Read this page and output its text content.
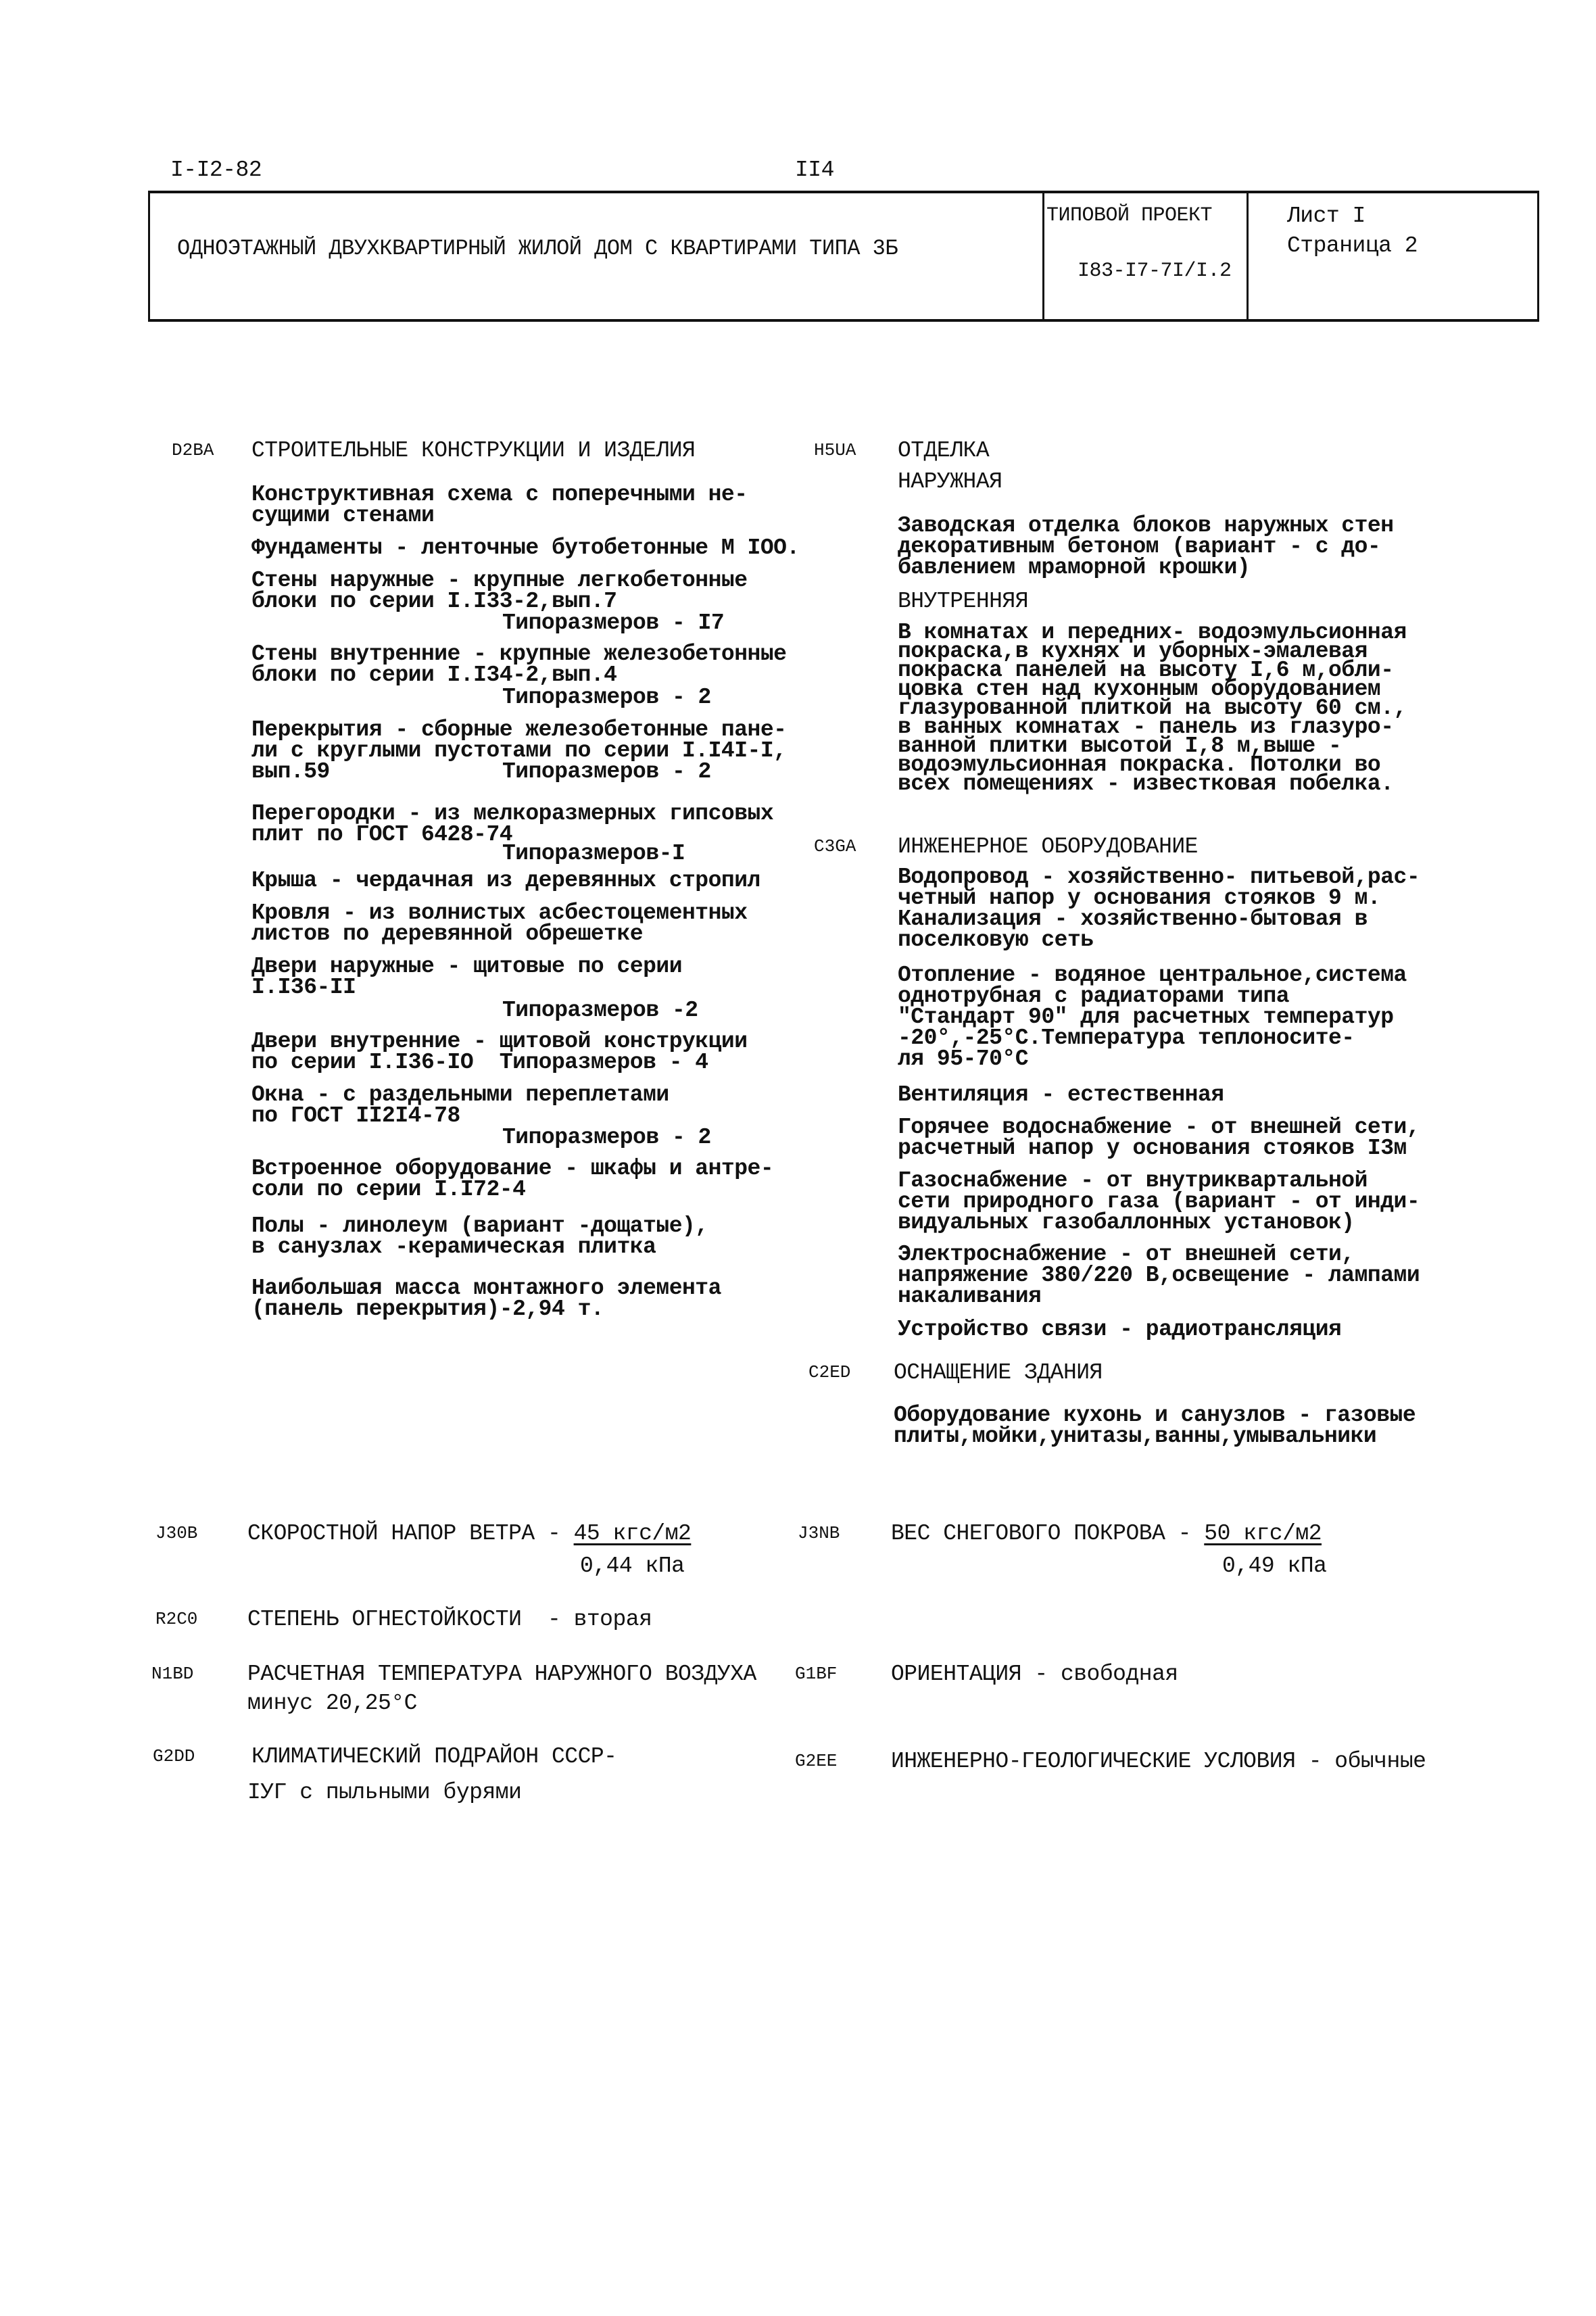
I-I2-82	II4
ОДНОЭТАЖНЫЙ ДВУХКВАРТИРНЫЙ ЖИЛОЙ ДОМ С КВАРТИРАМИ ТИПА 3Б
ТИПОВОЙ ПРОЕКТ
I83-I7-7I/I.2
Лист I
Страница 2
D2BA СТРОИТЕЛЬНЫЕ КОНСТРУКЦИИ И ИЗДЕЛИЯ
Конструктивная схема с поперечными не-
сущими стенами
Фундаменты - ленточные бутобетонные М IOO.
Стены наружные - крупные легкобетонные
блоки по серии I.I33-2,вып.7
Типоразмеров - I7
Стены внутренние - крупные железобетонные
блоки по серии I.I34-2,вып.4
Типоразмеров - 2
Перекрытия - сборные железобетонные пане-
ли с круглыми пустотами по серии I.I4I-I,
вып.59	Типоразмеров - 2
Перегородки - из мелкоразмерных гипсовых
плит по ГОСТ 6428-74
Типоразмеров-I
Крыша - чердачная из деревянных стропил
Кровля - из волнистых асбестоцементных
листов по деревянной обрешетке
Двери наружные - щитовые по серии
I.I36-II
Типоразмеров -2
Двери внутренние - щитовой конструкции
по серии I.I36-IO  Типоразмеров - 4
Окна - с раздельными переплетами
по ГОСТ II2I4-78
Типоразмеров - 2
Встроенное оборудование - шкафы и антре-
соли по серии I.I72-4
Полы - линолеум (вариант -дощатые),
в санузлах -керамическая плитка
Наибольшая масса монтажного элемента
(панель перекрытия)-2,94 т.
H5UA ОТДЕЛКА
НАРУЖНАЯ
Заводская отделка блоков наружных стен
декоративным бетоном (вариант - с до-
бавлением мраморной крошки)
ВНУТРЕННЯЯ
В комнатах и передних- водоэмульсионная
покраска,в кухнях и уборных-эмалевая
покраска панелей на высоту I,6 м,обли-
цовка стен над кухонным оборудованием
глазурованной плиткой на высоту 60 см.,
в ванных комнатах - панель из глазуро-
ванной плитки высотой I,8 м,выше -
водоэмульсионная покраска. Потолки во
всех помещениях - известковая побелка.
C3GA ИНЖЕНЕРНОЕ ОБОРУДОВАНИЕ
Водопровод - хозяйственно- питьевой,рас-
четный напор у основания стояков 9 м.
Канализация - хозяйственно-бытовая в
поселковую сеть
Отопление - водяное центральное,система
однотрубная с радиаторами типа
"Стандарт 90" для расчетных температур
-20°,-25°С.Температура теплоносите-
ля 95-70°С
Вентиляция - естественная
Горячее водоснабжение - от внешней сети,
расчетный напор у основания стояков I3м
Газоснабжение - от внутриквартальной
сети природного газа (вариант - от инди-
видуальных газобаллонных установок)
Электроснабжение - от внешней сети,
напряжение 380/220 В,освещение - лампами
накаливания
Устройство связи - радиотрансляция
C2ED ОСНАЩЕНИЕ ЗДАНИЯ
Оборудование кухонь и санузлов - газовые
плиты,мойки,унитазы,ванны,умывальники
J30B СКОРОСТНОЙ НАПОР ВЕТРА - 45 кгс/м2
0,44 кПа
J3NB ВЕС СНЕГОВОГО ПОКРОВА - 50 кгс/м2
0,49 кПа
R2C0 СТЕПЕНЬ ОГНЕСТОЙКОСТИ  - вторая
N1BD РАСЧЕТНАЯ ТЕМПЕРАТУРА НАРУЖНОГО ВОЗДУХА
минус 20,25°С
G1BF ОРИЕНТАЦИЯ - свободная
G2DD	КЛИМАТИЧЕСКИЙ ПОДРАЙОН СССР-
IУГ с пыльными бурями
G2EE ИНЖЕНЕРНО-ГЕОЛОГИЧЕСКИЕ УСЛОВИЯ - обычные
